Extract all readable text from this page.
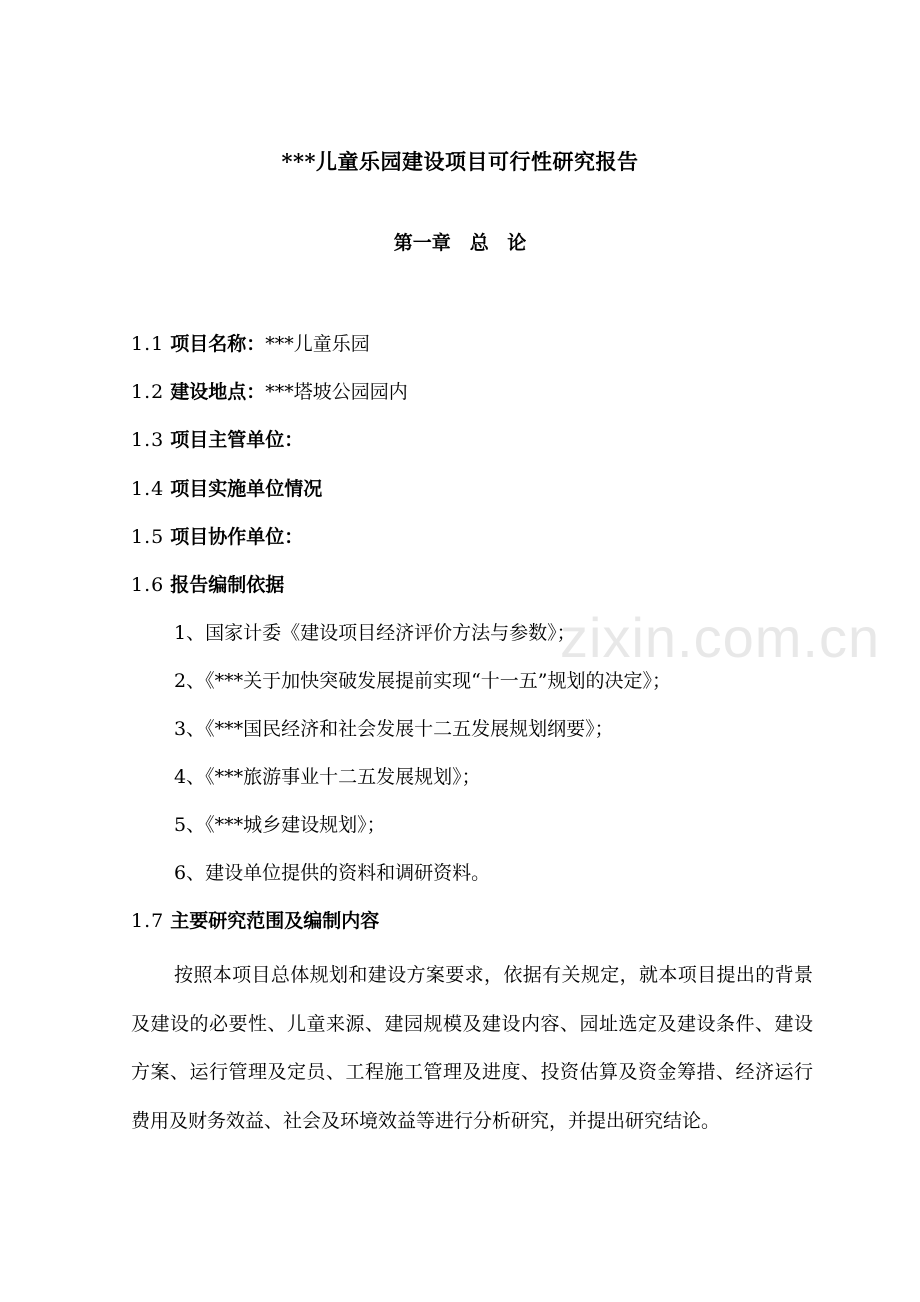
***儿童乐园建设项目可行性研究报告
第一章　总 论
1.1 项目名称：***儿童乐园
1.2 建设地点：***塔坡公园园内
1.3 项目主管单位：
1.4 项目实施单位情况
1.5 项目协作单位：
1.6 报告编制依据
1、国家计委《建设项目经济评价方法与参数》；
2、《***关于加快突破发展提前实现“十一五”规划的决定》；
3、《***国民经济和社会发展十二五发展规划纲要》；
4、《***旅游事业十二五发展规划》；
5、《***城乡建设规划》；
6、建设单位提供的资料和调研资料。
1.7 主要研究范围及编制内容
按照本项目总体规划和建设方案要求，依据有关规定，就本项目提出的背景及建设的必要性、儿童来源、建园规模及建设内容、园址选定及建设条件、建设方案、运行管理及定员、工程施工管理及进度、投资估算及资金筹措、经济运行费用及财务效益、社会及环境效益等进行分析研究，并提出研究结论。
zixin.com.cn
